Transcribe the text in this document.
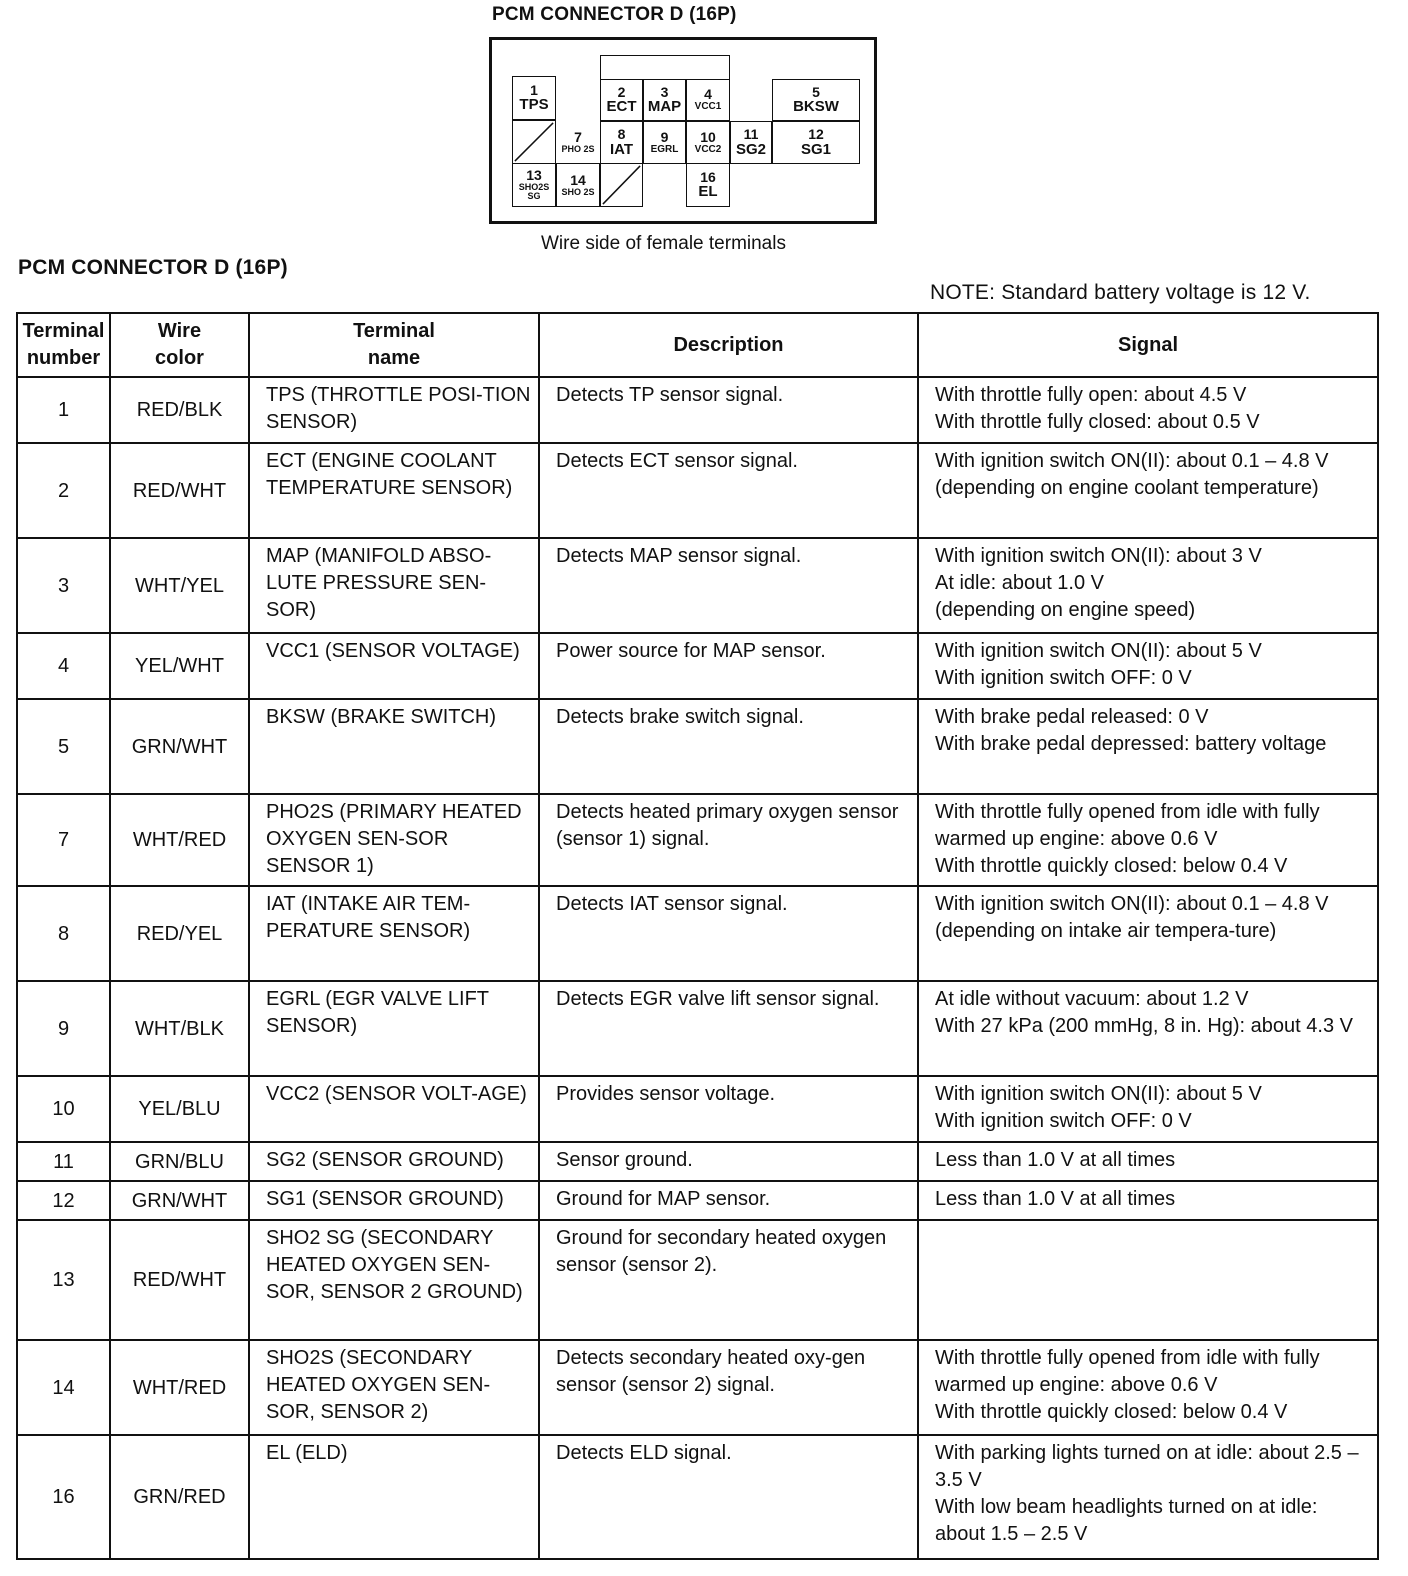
PCM CONNECTOR D (16P)
1
TPS
2
ECT
3
MAP
4
VCC1
5
BKSW
7
PHO 2S
8
IAT
9
EGRL
10
VCC2
11
SG2
12
SG1
13
SHO2S SG
14
SHO 2S
16
EL
Wire side of female terminals
PCM CONNECTOR D (16P)
NOTE: Standard battery voltage is 12 V.
Terminal
number	Wire
color	Terminal
name	Description	Signal
1	RED/BLK	TPS (THROTTLE POSI-TION SENSOR)	Detects TP sensor signal.	With throttle fully open: about 4.5 V
With throttle fully closed: about 0.5 V

2	RED/WHT	ECT (ENGINE COOLANT TEMPERATURE SENSOR)	Detects ECT sensor signal.	With ignition switch ON(II): about 0.1 – 4.8 V (depending on engine coolant temperature)

3	WHT/YEL	MAP (MANIFOLD ABSO-LUTE PRESSURE SEN-SOR)	Detects MAP sensor signal.	With ignition switch ON(II): about 3 V
At idle: about 1.0 V
(depending on engine speed)

4	YEL/WHT	VCC1 (SENSOR VOLTAGE)	Power source for MAP sensor.	With ignition switch ON(II): about 5 V
With ignition switch OFF: 0 V

5	GRN/WHT	BKSW (BRAKE SWITCH)	Detects brake switch signal.	With brake pedal released: 0 V
With brake pedal depressed: battery voltage

7	WHT/RED	PHO2S (PRIMARY HEATED OXYGEN SEN-SOR SENSOR 1)	Detects heated primary oxygen sensor (sensor 1) signal.	With throttle fully opened from idle with fully warmed up engine: above 0.6 V
With throttle quickly closed: below 0.4 V

8	RED/YEL	IAT (INTAKE AIR TEM-PERATURE SENSOR)	Detects IAT sensor signal.	With ignition switch ON(II): about 0.1 – 4.8 V (depending on intake air tempera-ture)

9	WHT/BLK	EGRL (EGR VALVE LIFT SENSOR)	Detects EGR valve lift sensor signal.	At idle without vacuum: about 1.2 V
With 27 kPa (200 mmHg, 8 in. Hg): about 4.3 V

10	YEL/BLU	VCC2 (SENSOR VOLT-AGE)	Provides sensor voltage.	With ignition switch ON(II): about 5 V
With ignition switch OFF: 0 V

11	GRN/BLU	SG2 (SENSOR GROUND)	Sensor ground.	Less than 1.0 V at all times

12	GRN/WHT	SG1 (SENSOR GROUND)	Ground for MAP sensor.	Less than 1.0 V at all times

13	RED/WHT	SHO2 SG (SECONDARY HEATED OXYGEN SEN-SOR, SENSOR 2 GROUND)	Ground for secondary heated oxygen sensor (sensor 2).	
14	WHT/RED	SHO2S (SECONDARY HEATED OXYGEN SEN-SOR, SENSOR 2)	Detects secondary heated oxy-gen sensor (sensor 2) signal.	With throttle fully opened from idle with fully warmed up engine: above 0.6 V
With throttle quickly closed: below 0.4 V

16	GRN/RED	EL (ELD)	Detects ELD signal.	With parking lights turned on at idle: about 2.5 – 3.5 V
With low beam headlights turned on at idle: about 1.5 – 2.5 V
